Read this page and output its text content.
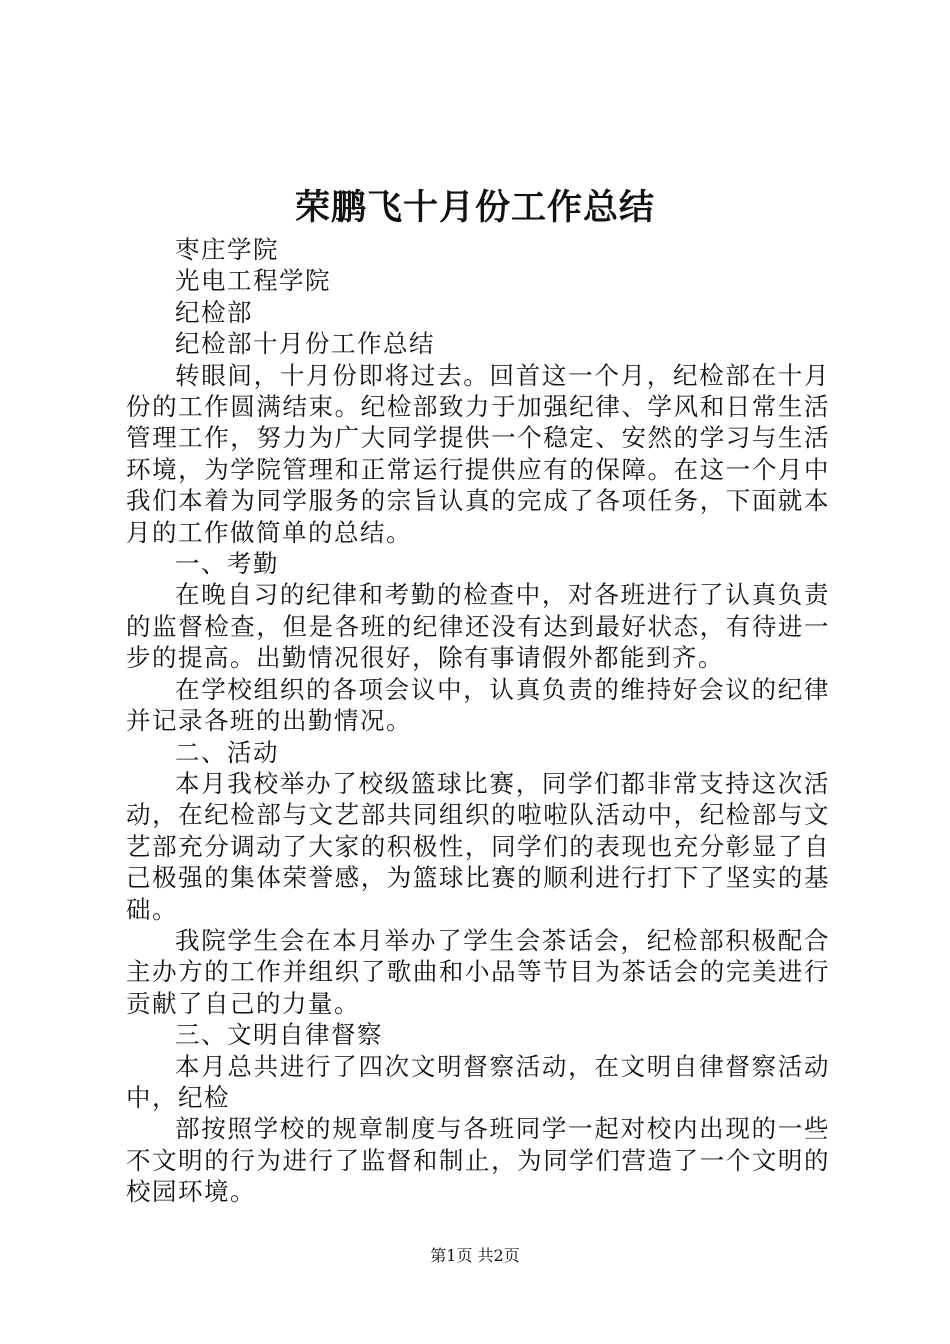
荣鹏飞十月份工作总结

枣庄学院

光电工程学院

纪检部

纪检部十月份工作总结

转眼间，十月份即将过去。回首这一个月，纪检部在十月份的工作圆满结束。纪检部致力于加强纪律、学风和日常生活管理工作，努力为广大同学提供一个稳定、安然的学习与生活环境，为学院管理和正常运行提供应有的保障。在这一个月中我们本着为同学服务的宗旨认真的完成了各项任务，下面就本月的工作做简单的总结。

一、考勤

在晚自习的纪律和考勤的检查中，对各班进行了认真负责的监督检查，但是各班的纪律还没有达到最好状态，有待进一步的提高。出勤情况很好，除有事请假外都能到齐。

在学校组织的各项会议中，认真负责的维持好会议的纪律并记录各班的出勤情况。

二、活动

本月我校举办了校级篮球比赛，同学们都非常支持这次活动，在纪检部与文艺部共同组织的啦啦队活动中，纪检部与文艺部充分调动了大家的积极性，同学们的表现也充分彰显了自己极强的集体荣誉感，为篮球比赛的顺利进行打下了坚实的基础。

我院学生会在本月举办了学生会茶话会，纪检部积极配合主办方的工作并组织了歌曲和小品等节目为茶话会的完美进行贡献了自己的力量。

三、文明自律督察

本月总共进行了四次文明督察活动，在文明自律督察活动中，纪检

部按照学校的规章制度与各班同学一起对校内出现的一些不文明的行为进行了监督和制止，为同学们营造了一个文明的校园环境。

第1页 共2页
